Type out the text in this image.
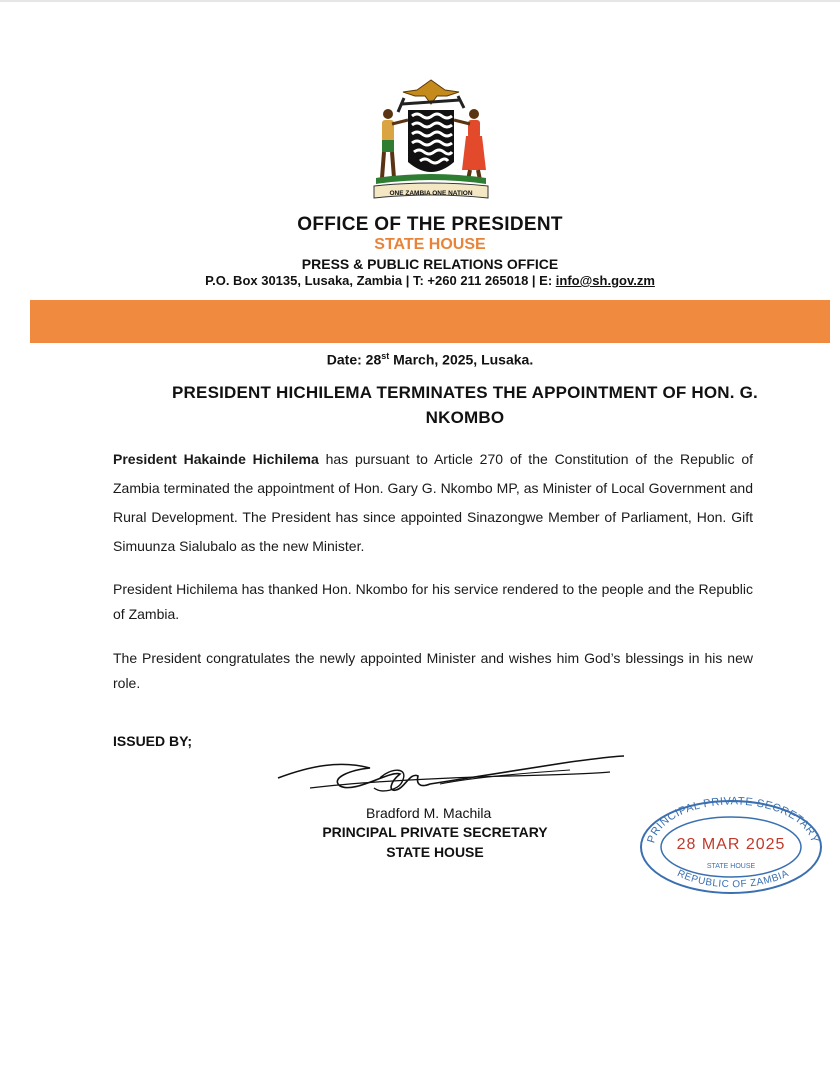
ONE ZAMBIA ONE NATION
OFFICE OF THE PRESIDENT
STATE HOUSE
PRESS & PUBLIC RELATIONS OFFICE
P.O. Box 30135, Lusaka, Zambia | T: +260 211 265018 | E: info@sh.gov.zm
PRESS RELEASE
Date: 28st March, 2025, Lusaka.
PRESIDENT HICHILEMA TERMINATES THE APPOINTMENT OF HON. G. NKOMBO
President Hakainde Hichilema has pursuant to Article 270 of the Constitution of the Republic of Zambia terminated the appointment of Hon. Gary G. Nkombo MP, as Minister of Local Government and Rural Development. The President has since appointed Sinazongwe Member of Parliament, Hon. Gift Simuunza Sialubalo as the new Minister.
President Hichilema has thanked Hon. Nkombo for his service rendered to the people and the Republic of Zambia.
The President congratulates the newly appointed Minister and wishes him God’s blessings in his new role.
ISSUED BY;
Bradford M. Machila
PRINCIPAL PRIVATE SECRETARY
STATE HOUSE
PRINCIPAL PRIVATE SECRETARY
28 MAR 2025
STATE HOUSE
REPUBLIC OF ZAMBIA
